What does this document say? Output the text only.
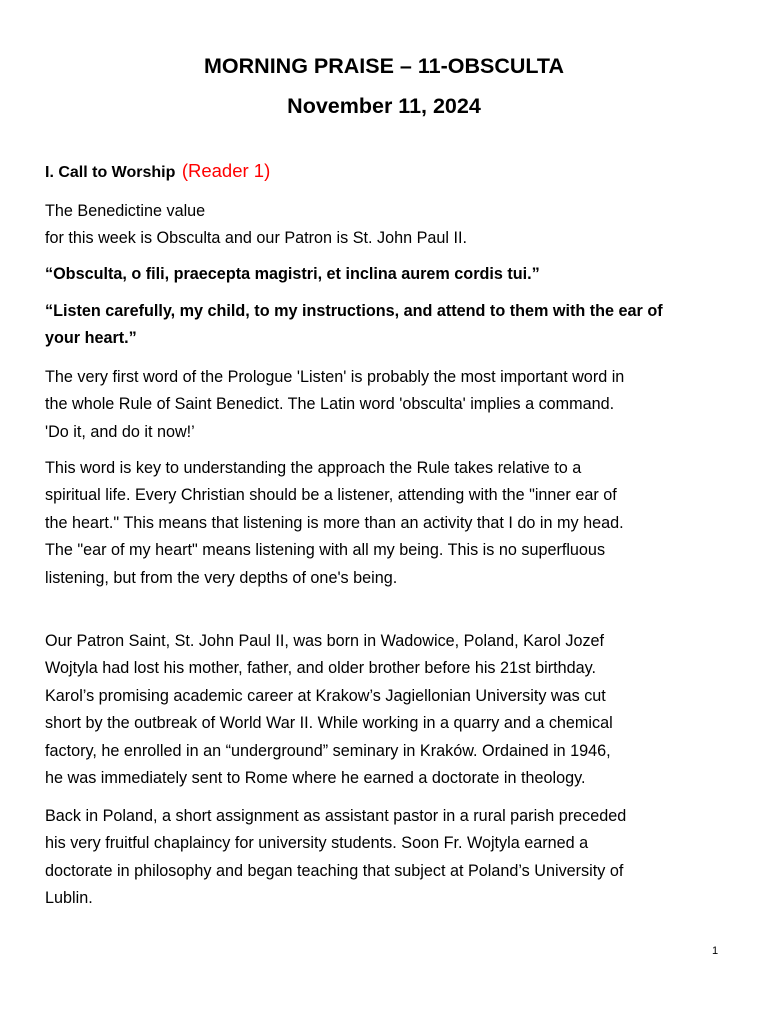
MORNING PRAISE – 11-OBSCULTA
November 11, 2024
I. Call to Worship (Reader 1)
The Benedictine value
for this week is Obsculta and our Patron is St. John Paul II.
“Obsculta, o fili, praecepta magistri, et inclina aurem cordis tui.”
“Listen carefully, my child, to my instructions, and attend to them with the ear of
your heart.”
The very first word of the Prologue 'Listen' is probably the most important word in
the whole Rule of Saint Benedict. The Latin word 'obsculta' implies a command.
'Do it, and do it now!’
This word is key to understanding the approach the Rule takes relative to a
spiritual life. Every Christian should be a listener, attending with the "inner ear of
the heart." This means that listening is more than an activity that I do in my head.
The "ear of my heart" means listening with all my being. This is no superfluous
listening, but from the very depths of one's being.
Our Patron Saint, St. John Paul II, was born in Wadowice, Poland, Karol Jozef
Wojtyla had lost his mother, father, and older brother before his 21st birthday.
Karol’s promising academic career at Krakow’s Jagiellonian University was cut
short by the outbreak of World War II. While working in a quarry and a chemical
factory, he enrolled in an “underground” seminary in Kraków. Ordained in 1946,
he was immediately sent to Rome where he earned a doctorate in theology.
Back in Poland, a short assignment as assistant pastor in a rural parish preceded
his very fruitful chaplaincy for university students. Soon Fr. Wojtyla earned a
doctorate in philosophy and began teaching that subject at Poland’s University of
Lublin.
1
